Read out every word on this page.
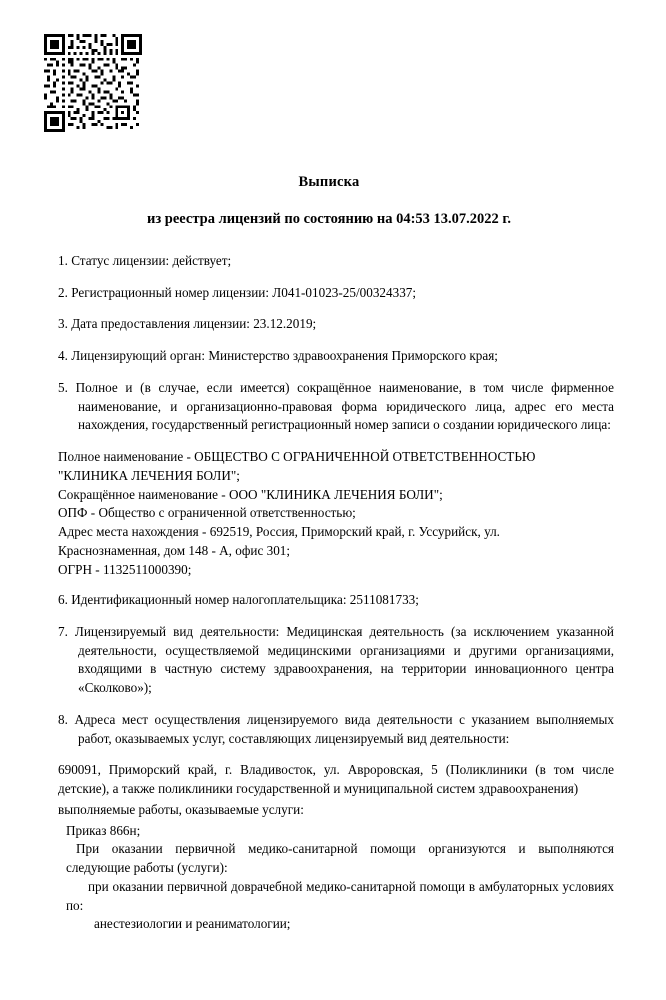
Выписка
из реестра лицензий по состоянию на 04:53 13.07.2022 г.

1. Статус лицензии: действует;

2. Регистрационный номер лицензии: Л041-01023-25/00324337;

3. Дата предоставления лицензии: 23.12.2019;

4. Лицензирующий орган: Министерство здравоохранения Приморского края;

5. Полное и (в случае, если имеется) сокращённое наименование, в том числе фирменное наименование, и организационно-правовая форма юридического лица, адрес его места нахождения, государственный регистрационный номер записи о создании юридического лица:

Полное наименование - ОБЩЕСТВО С ОГРАНИЧЕННОЙ ОТВЕТСТВЕННОСТЬЮ

"КЛИНИКА ЛЕЧЕНИЯ БОЛИ";

Сокращённое наименование - ООО "КЛИНИКА ЛЕЧЕНИЯ БОЛИ";

ОПФ - Общество с ограниченной ответственностью;

Адрес места нахождения - 692519, Россия, Приморский край, г. Уссурийск, ул.

Краснознаменная, дом 148 - А, офис 301;

ОГРН - 1132511000390;

6. Идентификационный номер налогоплательщика: 2511081733;

7. Лицензируемый вид деятельности: Медицинская деятельность (за исключением указанной деятельности, осуществляемой медицинскими организациями и другими организациями, входящими в частную систему здравоохранения, на территории инновационного центра «Сколково»);

8. Адреса мест осуществления лицензируемого вида деятельности с указанием выполняемых работ, оказываемых услуг, составляющих лицензируемый вид деятельности:

690091, Приморский край, г. Владивосток, ул. Авроровская, 5 (Поликлиники (в том числе детские), а также поликлиники государственной и муниципальной систем здравоохранения)

выполняемые работы, оказываемые услуги:

Приказ 866н;

При оказании первичной медико-санитарной помощи организуются и выполняются следующие работы (услуги):

при оказании первичной доврачебной медико-санитарной помощи в амбулаторных условиях по:

анестезиологии и реаниматологии;
